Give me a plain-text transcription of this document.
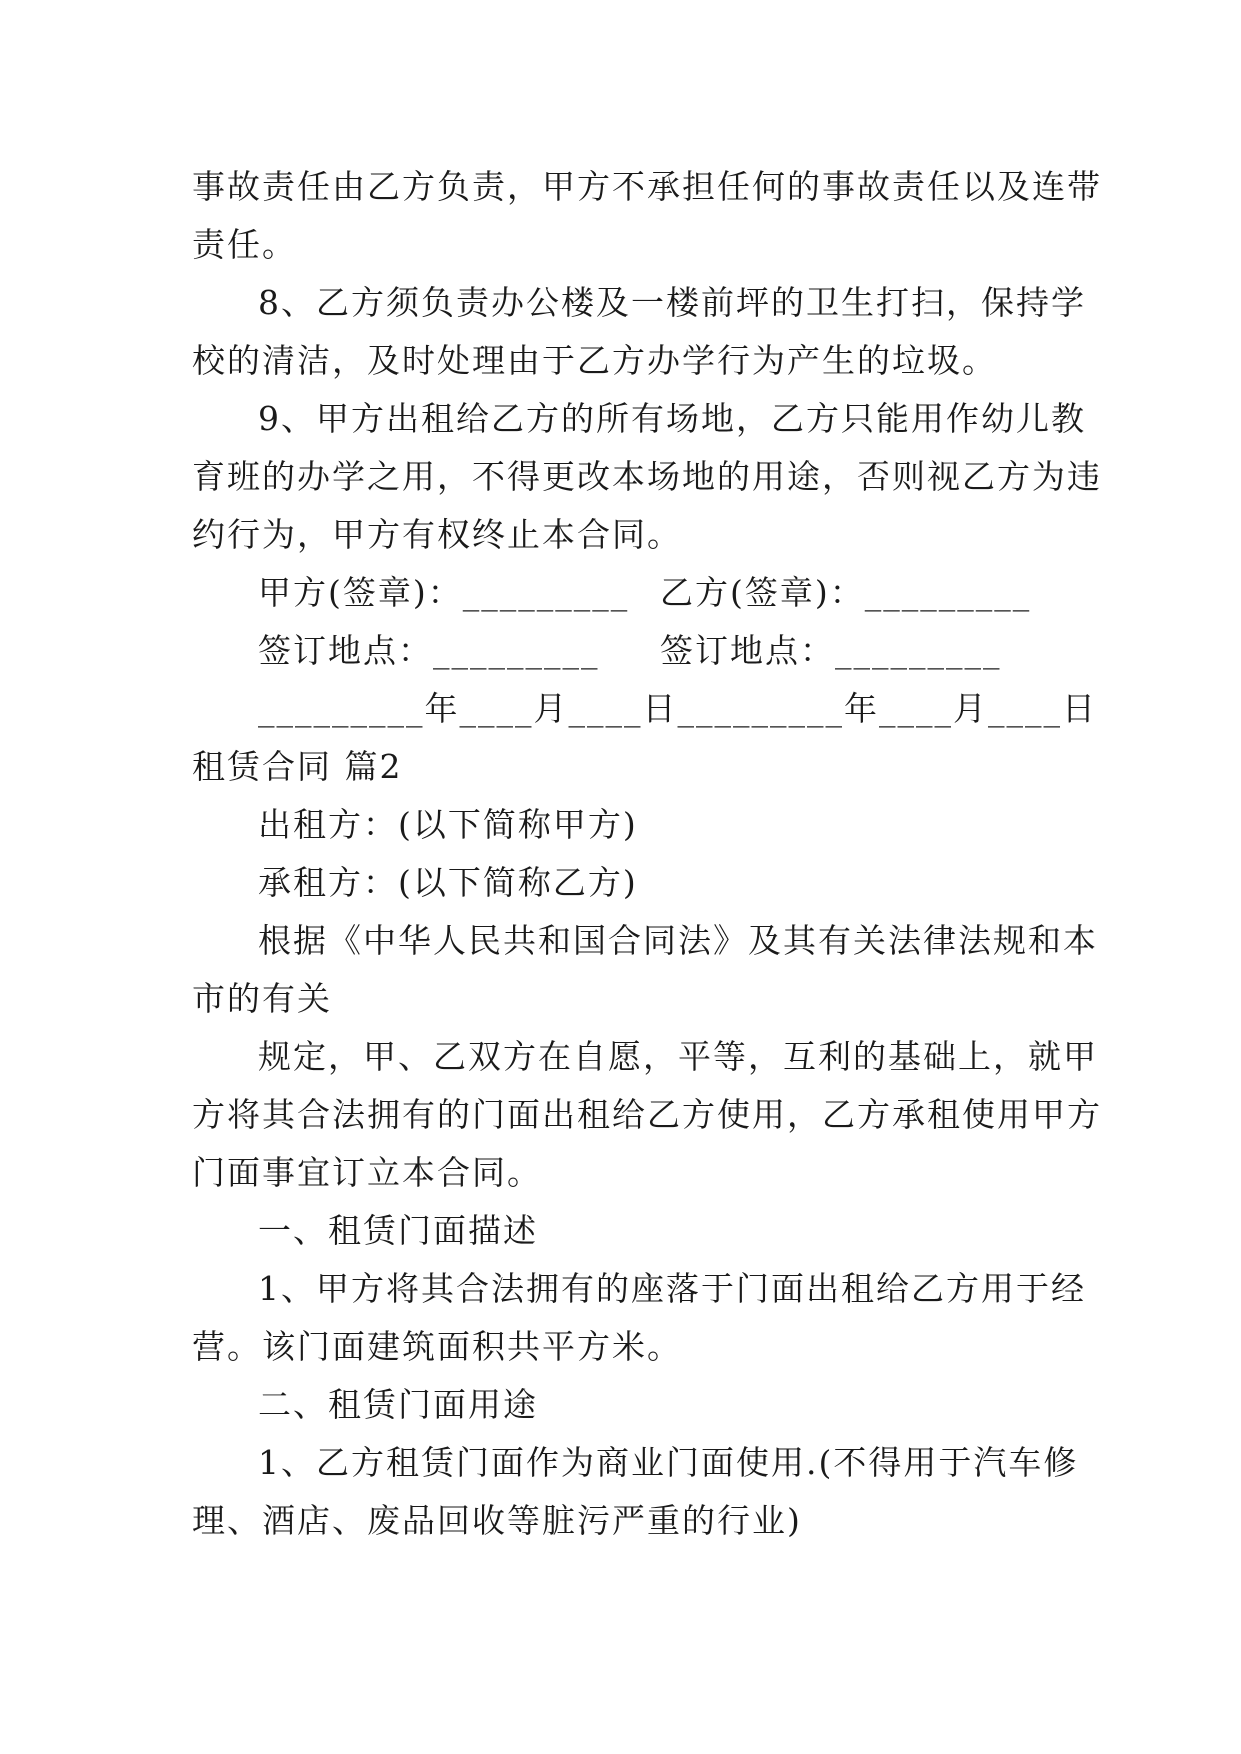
事故责任由乙方负责，甲方不承担任何的事故责任以及连带

责任。

8、乙方须负责办公楼及一楼前坪的卫生打扫，保持学

校的清洁，及时处理由于乙方办学行为产生的垃圾。

9、甲方出租给乙方的所有场地，乙方只能用作幼儿教

育班的办学之用，不得更改本场地的用途，否则视乙方为违

约行为，甲方有权终止本合同。

甲方(签章)：_________ 乙方(签章)：_________
签订地点：_________	签订地点：_________

_________年____月____日_________年____月____日

租赁合同 篇2

出租方：(以下简称甲方)

承租方：(以下简称乙方)

根据《中华人民共和国合同法》及其有关法律法规和本

市的有关

规定，甲、乙双方在自愿，平等，互利的基础上，就甲

方将其合法拥有的门面出租给乙方使用，乙方承租使用甲方

门面事宜订立本合同。

一、租赁门面描述

1、甲方将其合法拥有的座落于门面出租给乙方用于经

营。该门面建筑面积共平方米。

二、租赁门面用途

1、乙方租赁门面作为商业门面使用.(不得用于汽车修

理、酒店、废品回收等脏污严重的行业)
